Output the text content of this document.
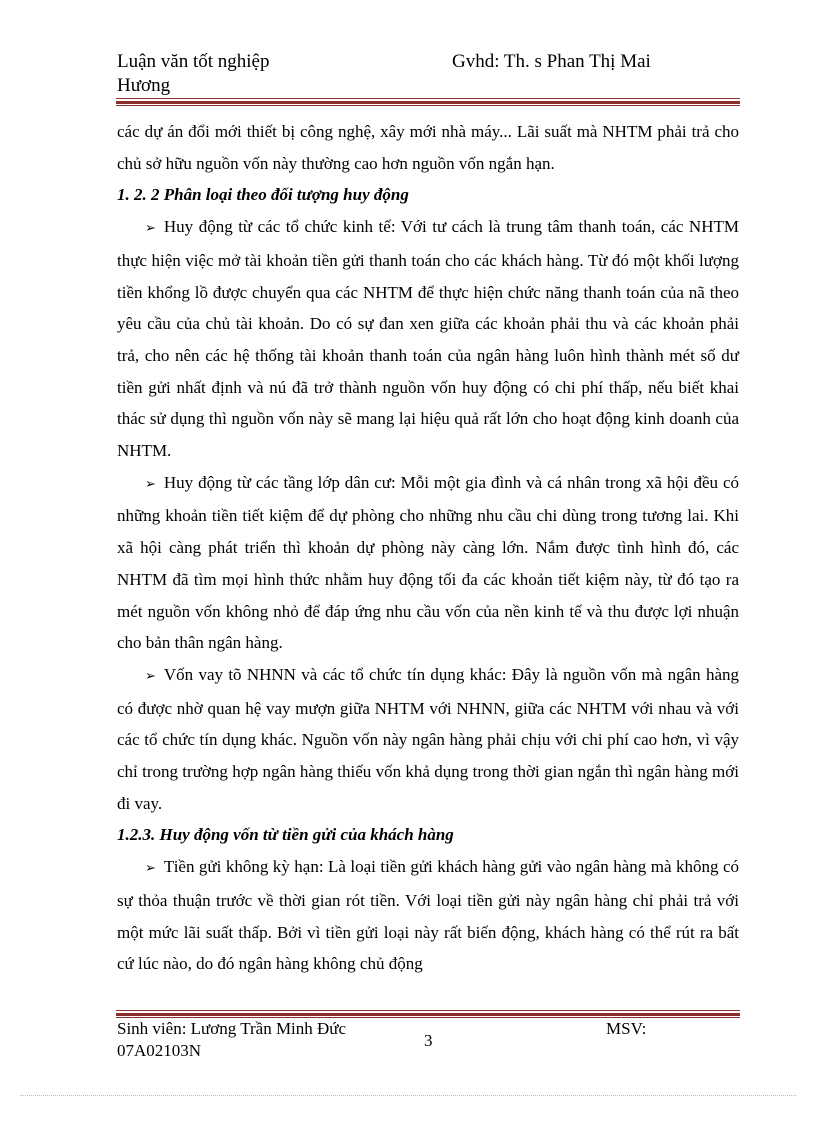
Luận văn tốt nghiệp	Gvhd: Th. s Phan Thị Mai
Hương

các dự án đổi mới thiết bị công nghệ, xây mới nhà máy... Lãi suất mà NHTM phải trả cho chủ sở hữu nguồn vốn này thường cao hơn nguồn vốn ngắn hạn.

1. 2. 2 Phân loại theo đối tượng huy động

➢ Huy động từ các tổ chức kinh tế: Với tư cách là trung tâm thanh toán, các NHTM thực hiện việc mở tài khoản tiền gửi thanh toán cho các khách hàng. Từ đó một khối lượng tiền khổng lồ được chuyển qua các NHTM để thực hiện chức năng thanh toán của nã theo yêu cầu của chủ tài khoản. Do có sự đan xen giữa các khoản phải thu và các khoản phải trả, cho nên các hệ thống tài khoản thanh toán của ngân hàng luôn hình thành mét số dư tiền gửi nhất định và nú đã trở thành nguồn vốn huy động có chi phí thấp, nếu biết khai thác sử dụng thì nguồn vốn này sẽ mang lại hiệu quả rất lớn cho hoạt động kinh doanh của NHTM.

➢ Huy động từ các tầng lớp dân cư: Mỗi một gia đình và cá nhân trong xã hội đều có những khoản tiền tiết kiệm để dự phòng cho những nhu cầu chi dùng trong tương lai. Khi xã hội càng phát triển thì khoản dự phòng này càng lớn. Nắm được tình hình đó, các NHTM đã tìm mọi hình thức nhằm huy động tối đa các khoản tiết kiệm này, từ đó tạo ra mét nguồn vốn không nhỏ để đáp ứng nhu cầu vốn của nền kinh tế và thu được lợi nhuận cho bản thân ngân hàng.

➢ Vốn vay tõ NHNN và các tổ chức tín dụng khác: Đây là nguồn vốn mà ngân hàng có được nhờ quan hệ vay mượn giữa NHTM với NHNN, giữa các NHTM với nhau và với các tổ chức tín dụng khác. Nguồn vốn này ngân hàng phải chịu với chi phí cao hơn, vì vậy chỉ trong trường hợp ngân hàng thiếu vốn khả dụng trong thời gian ngắn thì ngân hàng mới đi vay.

1.2.3. Huy động vốn từ tiền gửi của khách hàng

➢ Tiền gửi không kỳ hạn: Là loại tiền gửi khách hàng gửi vào ngân hàng mà không có sự thỏa thuận trước về thời gian rót tiền. Với loại tiền gửi này ngân hàng chỉ phải trả với một mức lãi suất thấp. Bởi vì tiền gửi loại này rất biến động, khách hàng có thể rút ra bất cứ lúc nào, do đó ngân hàng không chủ động

Sinh viên: Lương Trần Minh Đức	MSV:
3
07A02103N
